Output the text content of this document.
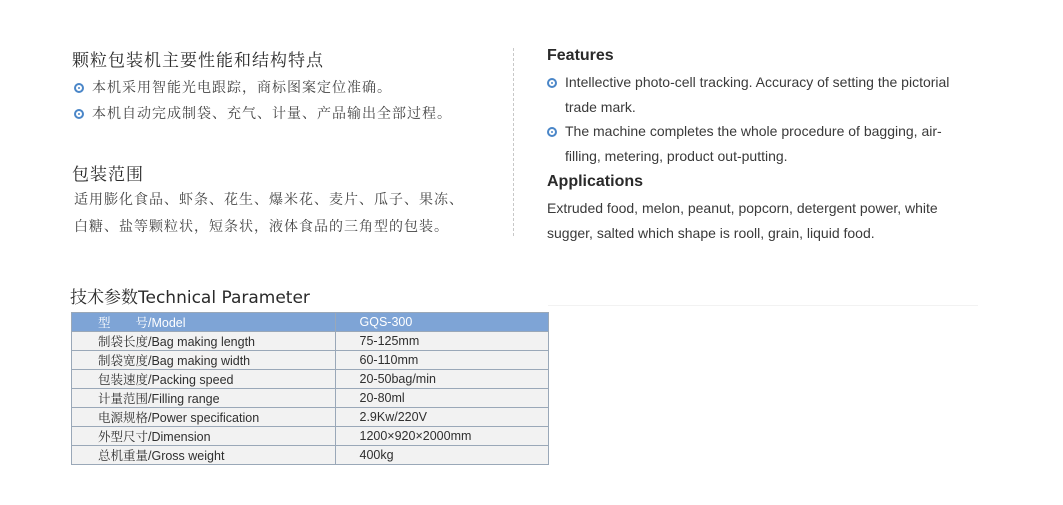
颗粒包装机主要性能和结构特点
本机采用智能光电跟踪，商标图案定位准确。
本机自动完成制袋、充气、计量、产品输出全部过程。
包装范围
适用膨化食品、虾条、花生、爆米花、麦片、瓜子、果冻、
白糖、盐等颗粒状，短条状，液体食品的三角型的包装。
Features
Intellective photo-cell tracking. Accuracy of setting the pictorial
trade mark.
The machine completes the whole procedure of bagging, air-
filling, metering, product out-putting.
Applications
Extruded food, melon, peanut, popcorn, detergent power, white
sugger, salted which shape is rooll, grain, liquid food.
技术参数Technical Parameter
型　　号/Model	GQS-300
制袋长度/Bag making length	75-125mm
制袋宽度/Bag making width	60-110mm
包装速度/Packing speed	20-50bag/min
计量范围/Filling range	20-80ml
电源规格/Power specification	2.9Kw/220V
外型尺寸/Dimension	1200×920×2000mm
总机重量/Gross weight	400kg
